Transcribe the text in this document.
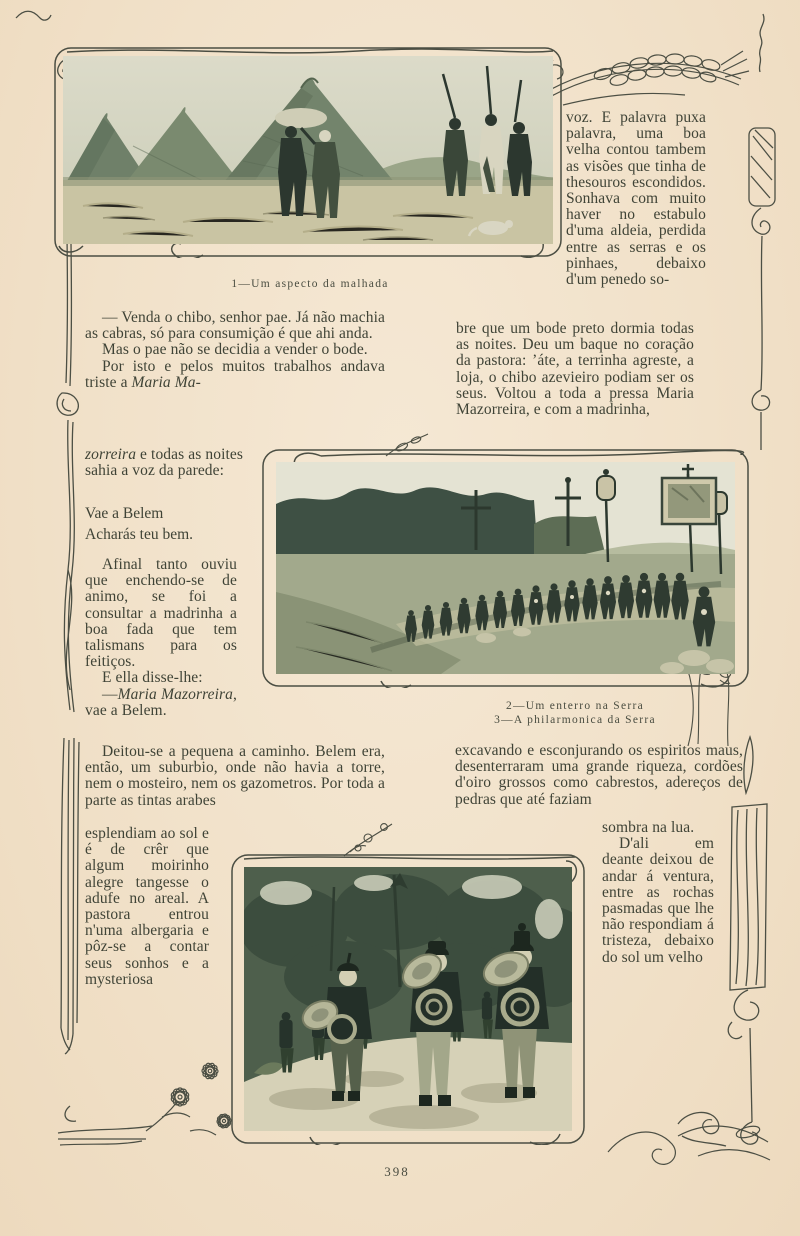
1—Um aspecto da malhada
2—Um enterro na Serra
3—A philarmonica da Serra

— Venda o chibo, senhor pae. Já não machia as cabras, só para consumição é que ahi anda.

Mas o pae não se decidia a vender o bode.

Por isto e pelos muitos trabalhos andava triste a Maria Ma-

zorreira e todas as noites sahia a voz da parede:

Vae a Belem
Acharás teu bem.

Afinal tanto ouviu que enchendo-se de animo, se foi a consultar a madrinha a boa fada que tem talismans para os feitiços.

E ella disse-lhe:

—Maria Mazorreira, vae a Belem.

Deitou-se a pequena a caminho. Belem era, então, um suburbio, onde não havia a torre, nem o mosteiro, nem os gazometros. Por toda a parte as tintas arabes

esplendiam ao sol e é de crêr que algum moirinho alegre tangesse o adufe no areal. A pastora entrou n'uma albergaria e pôz-se a contar seus sonhos e a mysteriosa

voz. E palavra puxa palavra, uma boa velha contou tambem as visões que tinha de thesouros escondidos. Sonhava com muito haver no estabulo d'uma aldeia, perdida entre as serras e os pinhaes, debaixo d'um penedo so-

bre que um bode preto dormia todas as noites. Deu um baque no coração da pastora: ’áte, a terrinha agreste, a loja, o chibo azevieiro podiam ser os seus. Voltou a toda a pressa Maria Mazorreira, e com a madrinha,

excavando e esconjurando os espiritos maus, desenterraram uma grande riqueza, cordões d'oiro grossos como cabrestos, adereços de pedras que até faziam

sombra na lua.

D'ali em deante deixou de andar á ventura, entre as rochas pasmadas que lhe não respondiam á tristeza, debaixo do sol um velho

398
